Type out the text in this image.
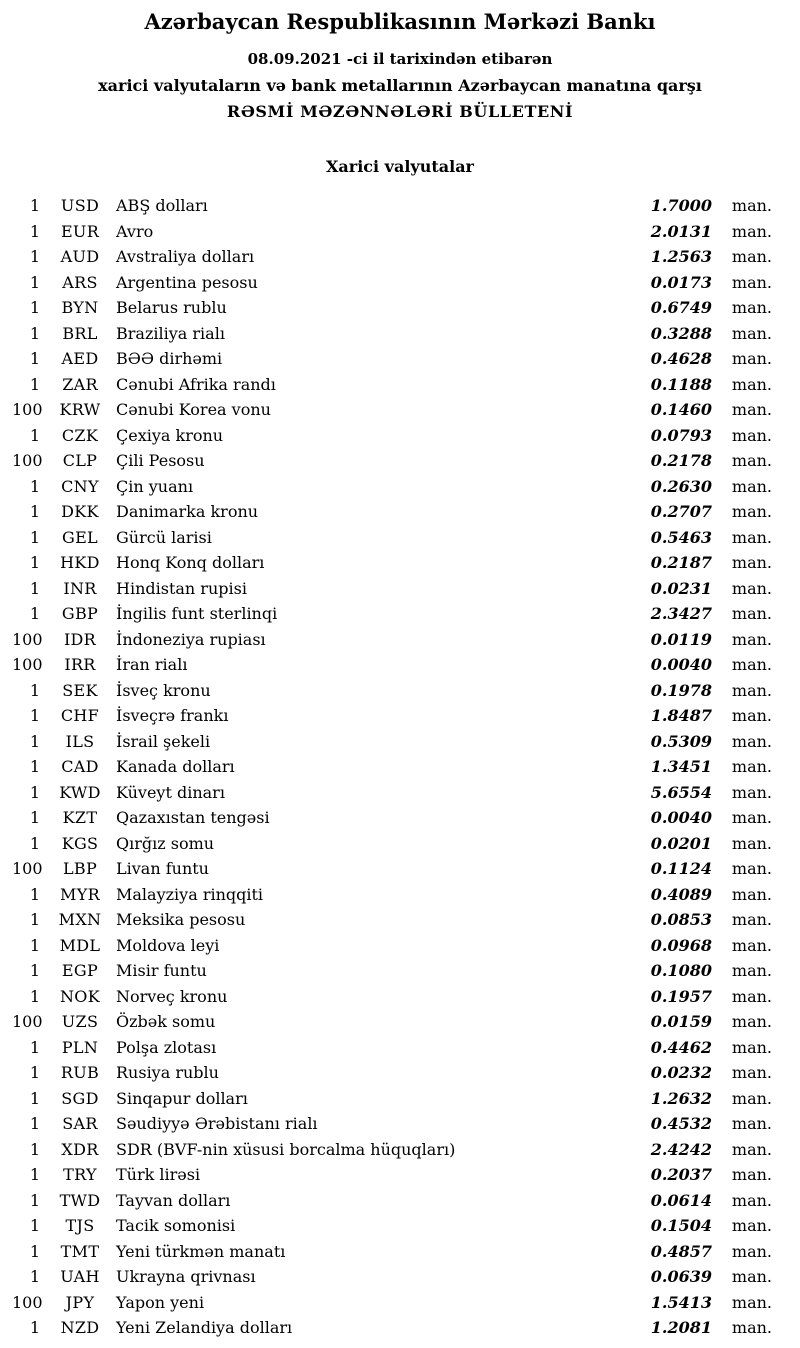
Azərbaycan Respublikasının Mərkəzi Bankı
08.09.2021 -ci il tarixindən etibarən
xarici valyutaların və bank metallarının Azərbaycan manatına qarşı
RƏSMİ MƏZƏNNƏLƏRİ BÜLLETENİ
Xarici valyutalar
1	USD	ABŞ dolları	1.7000	man.
1	EUR	Avro	2.0131	man.
1	AUD	Avstraliya dolları	1.2563	man.
1	ARS	Argentina pesosu	0.0173	man.
1	BYN	Belarus rublu	0.6749	man.
1	BRL	Braziliya rialı	0.3288	man.
1	AED	BƏƏ dirhəmi	0.4628	man.
1	ZAR	Cənubi Afrika randı	0.1188	man.
100	KRW Cənubi Korea vonu	0.1460	man.
1	CZK	Çexiya kronu	0.0793	man.
100	CLP	Çili Pesosu	0.2178	man.
1	CNY	Çin yuanı	0.2630	man.
1	DKK	Danimarka kronu	0.2707	man.
1	GEL	Gürcü larisi	0.5463	man.
1	HKD	Honq Konq dolları	0.2187	man.
1	INR	Hindistan rupisi	0.0231	man.
1	GBP	İngilis funt sterlinqi	2.3427	man.
100	IDR	İndoneziya rupiası	0.0119	man.
100	IRR	İran rialı	0.0040	man.
1	SEK	İsveç kronu	0.1978	man.
1	CHF	İsveçrə frankı	1.8487	man.
1	ILS	İsrail şekeli	0.5309	man.
1	CAD	Kanada dolları	1.3451	man.
1	KWD Küveyt dinarı	5.6554	man.
1	KZT	Qazaxıstan tengəsi	0.0040	man.
1	KGS	Qırğız somu	0.0201	man.
100	LBP	Livan funtu	0.1124	man.
1	MYR	Malayziya rinqqiti	0.4089	man.
1	MXN Meksika pesosu	0.0853	man.
1	MDL Moldova leyi	0.0968	man.
1	EGP	Misir funtu	0.1080	man.
1	NOK	Norveç kronu	0.1957	man.
100	UZS	Özbək somu	0.0159	man.
1	PLN	Polşa zlotası	0.4462	man.
1	RUB	Rusiya rublu	0.0232	man.
1	SGD	Sinqapur dolları	1.2632	man.
1	SAR	Səudiyyə Ərəbistanı rialı	0.4532	man.
1	XDR	SDR (BVF-nin xüsusi borcalma hüquqları)	2.4242	man.
1	TRY	Türk lirəsi	0.2037	man.
1	TWD Tayvan dolları	0.0614	man.
1	TJS	Tacik somonisi	0.1504	man.
1	TMT	Yeni türkmən manatı	0.4857	man.
1	UAH	Ukrayna qrivnası	0.0639	man.
100	JPY	Yapon yeni	1.5413	man.
1	NZD	Yeni Zelandiya dolları	1.2081	man.
